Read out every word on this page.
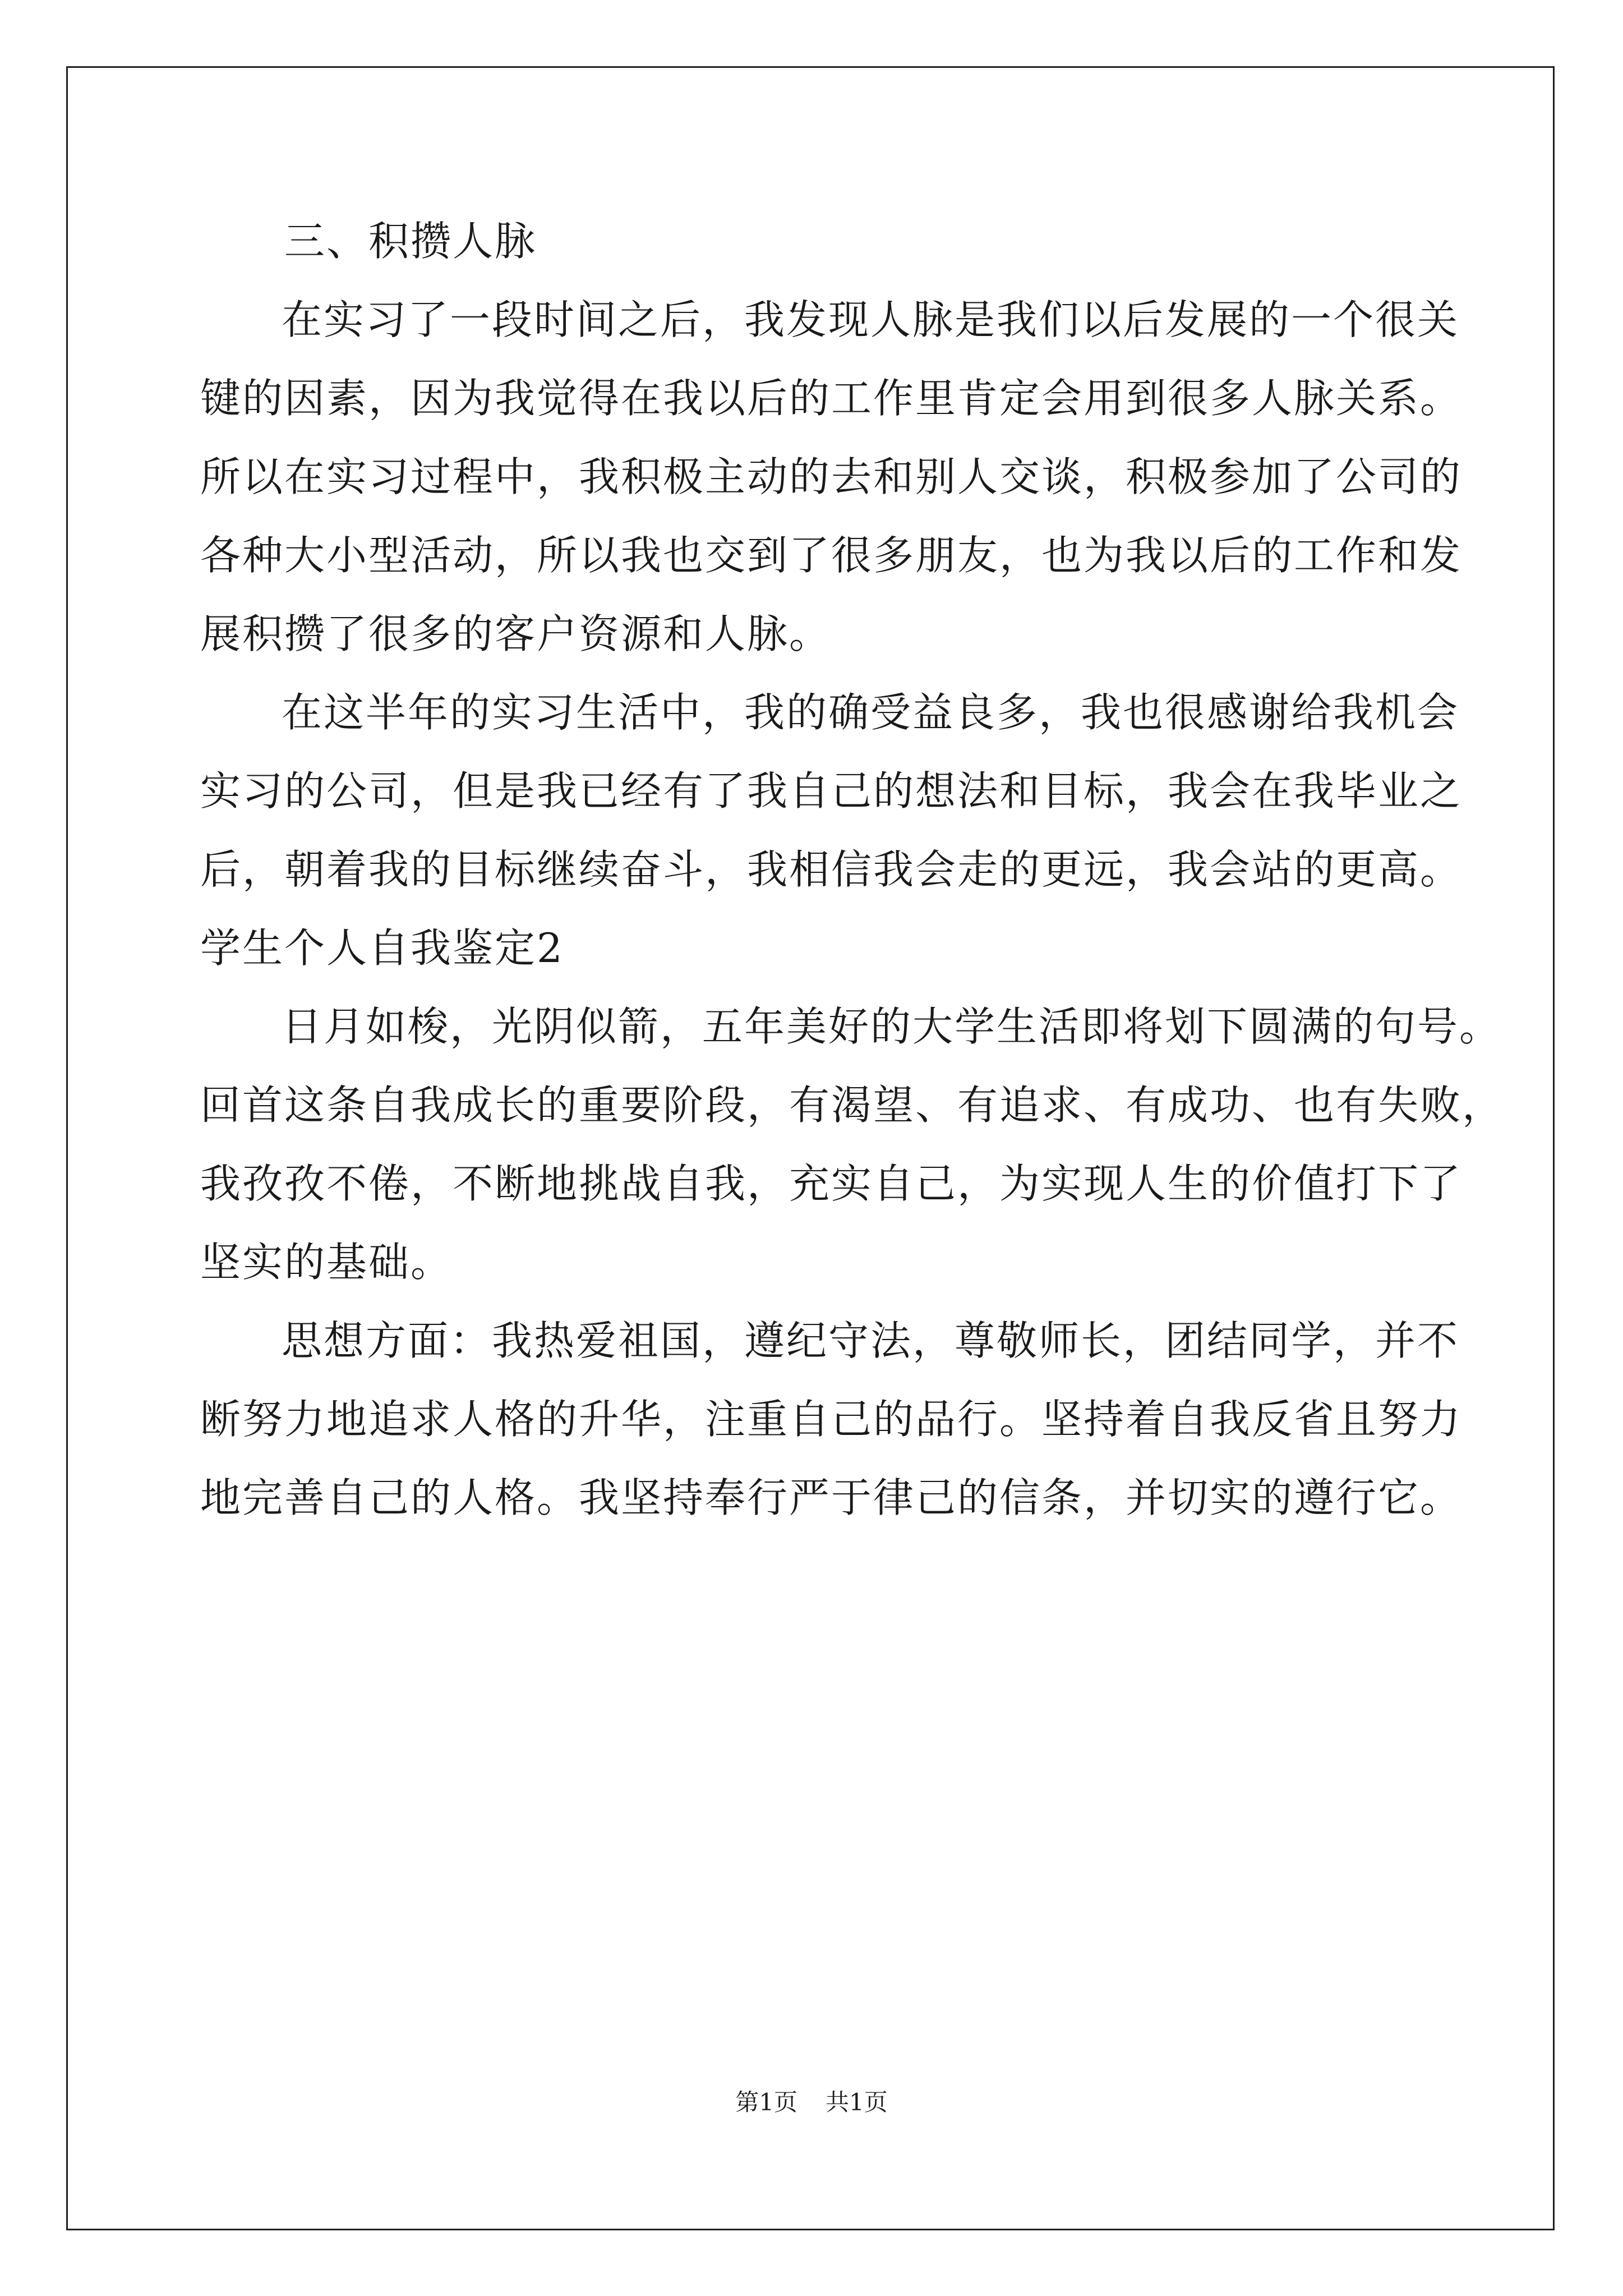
三、积攒人脉
在实习了一段时间之后，我发现人脉是我们以后发展的一个很关
键的因素，因为我觉得在我以后的工作里肯定会用到很多人脉关系。
所以在实习过程中，我积极主动的去和别人交谈，积极参加了公司的
各种大小型活动，所以我也交到了很多朋友，也为我以后的工作和发
展积攒了很多的客户资源和人脉。
在这半年的实习生活中，我的确受益良多，我也很感谢给我机会
实习的公司，但是我已经有了我自己的想法和目标，我会在我毕业之
后，朝着我的目标继续奋斗，我相信我会走的更远，我会站的更高。
学生个人自我鉴定2
日月如梭，光阴似箭，五年美好的大学生活即将划下圆满的句号。
回首这条自我成长的重要阶段，有渴望、有追求、有成功、也有失败，
我孜孜不倦，不断地挑战自我，充实自己，为实现人生的价值打下了
坚实的基础。
思想方面：我热爱祖国，遵纪守法，尊敬师长，团结同学，并不
断努力地追求人格的升华，注重自己的品行。坚持着自我反省且努力
地完善自己的人格。我坚持奉行严于律己的信条，并切实的遵行它。
第1页 共1页
